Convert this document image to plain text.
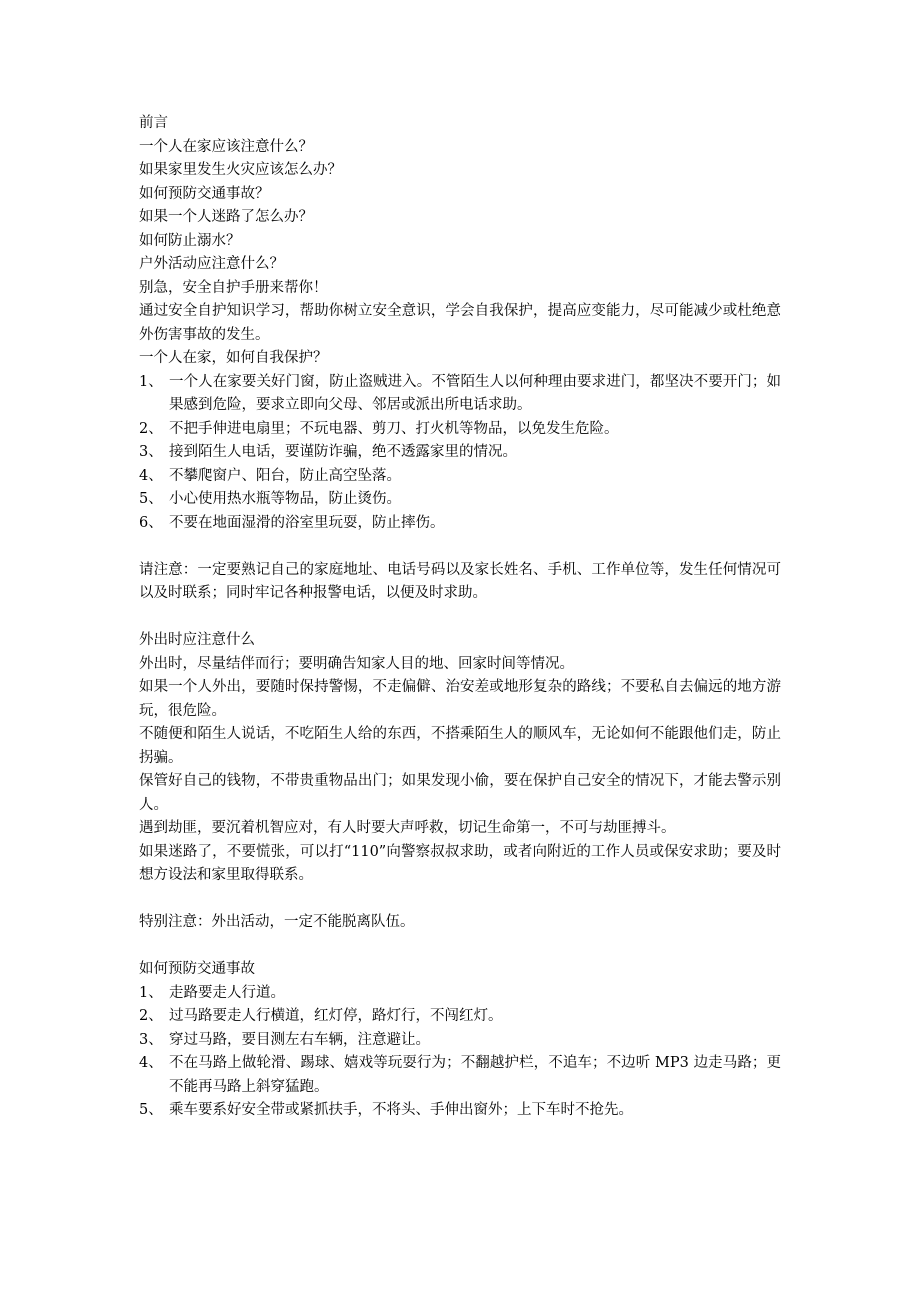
前言
一个人在家应该注意什么？
如果家里发生火灾应该怎么办？
如何预防交通事故？
如果一个人迷路了怎么办？
如何防止溺水？
户外活动应注意什么？
别急，安全自护手册来帮你！
通过安全自护知识学习，帮助你树立安全意识，学会自我保护，提高应变能力，尽可能减少或杜绝意外伤害事故的发生。
一个人在家，如何自我保护？
1、 一个人在家要关好门窗，防止盗贼进入。不管陌生人以何种理由要求进门，都坚决不要开门；如果感到危险，要求立即向父母、邻居或派出所电话求助。
2、 不把手伸进电扇里；不玩电器、剪刀、打火机等物品，以免发生危险。
3、 接到陌生人电话，要谨防诈骗，绝不透露家里的情况。
4、 不攀爬窗户、阳台，防止高空坠落。
5、 小心使用热水瓶等物品，防止烫伤。
6、 不要在地面湿滑的浴室里玩耍，防止摔伤。
请注意：一定要熟记自己的家庭地址、电话号码以及家长姓名、手机、工作单位等，发生任何情况可以及时联系；同时牢记各种报警电话，以便及时求助。
外出时应注意什么
外出时，尽量结伴而行；要明确告知家人目的地、回家时间等情况。
如果一个人外出，要随时保持警惕，不走偏僻、治安差或地形复杂的路线；不要私自去偏远的地方游玩，很危险。
不随便和陌生人说话，不吃陌生人给的东西，不搭乘陌生人的顺风车，无论如何不能跟他们走，防止拐骗。
保管好自己的钱物，不带贵重物品出门；如果发现小偷，要在保护自己安全的情况下，才能去警示别人。
遇到劫匪，要沉着机智应对，有人时要大声呼救，切记生命第一，不可与劫匪搏斗。
如果迷路了，不要慌张，可以打“110”向警察叔叔求助，或者向附近的工作人员或保安求助；要及时想方设法和家里取得联系。
特别注意：外出活动，一定不能脱离队伍。
如何预防交通事故
1、 走路要走人行道。
2、 过马路要走人行横道，红灯停，路灯行，不闯红灯。
3、 穿过马路，要目测左右车辆，注意避让。
4、 不在马路上做轮滑、踢球、嬉戏等玩耍行为；不翻越护栏，不追车；不边听 MP3 边走马路；更不能再马路上斜穿猛跑。
5、 乘车要系好安全带或紧抓扶手，不将头、手伸出窗外；上下车时不抢先。
